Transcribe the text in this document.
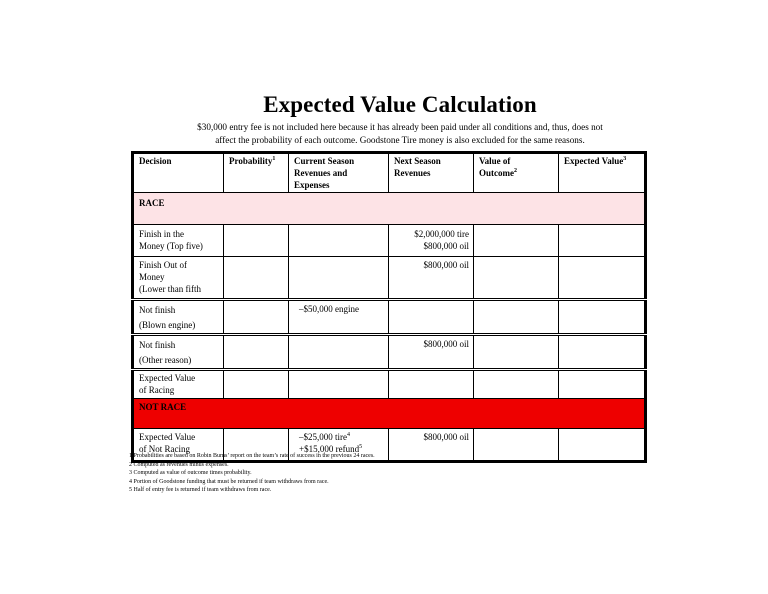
Expected Value Calculation
$30,000 entry fee is not included here because it has already been paid under all conditions and, thus, does not
affect the probability of each outcome. Goodstone Tire money is also excluded for the same reasons.
Decision	Probability$^1$	Current Season
Revenues and
Expenses	Next Season
Revenues	Value of
Outcome$^2$	Expected Value$^3$
RACE					
Finish in the
Money (Top five)			$2,000,000 tire
$800,000 oil		
Finish Out of
Money
(Lower than fifth			$800,000 oil		
Not finish
(Blown engine)		–$50,000 engine			
Not finish
(Other reason)			$800,000 oil		
Expected Value
of Racing					
NOT RACE					
Expected Value
of Not Racing		–$25,000 tire$^4$
+$15,000 refund$^5$	$800,000 oil		
1 Probabilities are based on Robin Burns’ report on the team’s rate of success in the previous 24 races.
2 Computed as revenues minus expenses.
3 Computed as value of outcome times probability.
4 Portion of Goodstone funding that must be returned if team withdraws from race.
5 Half of entry fee is returned if team withdraws from race.
